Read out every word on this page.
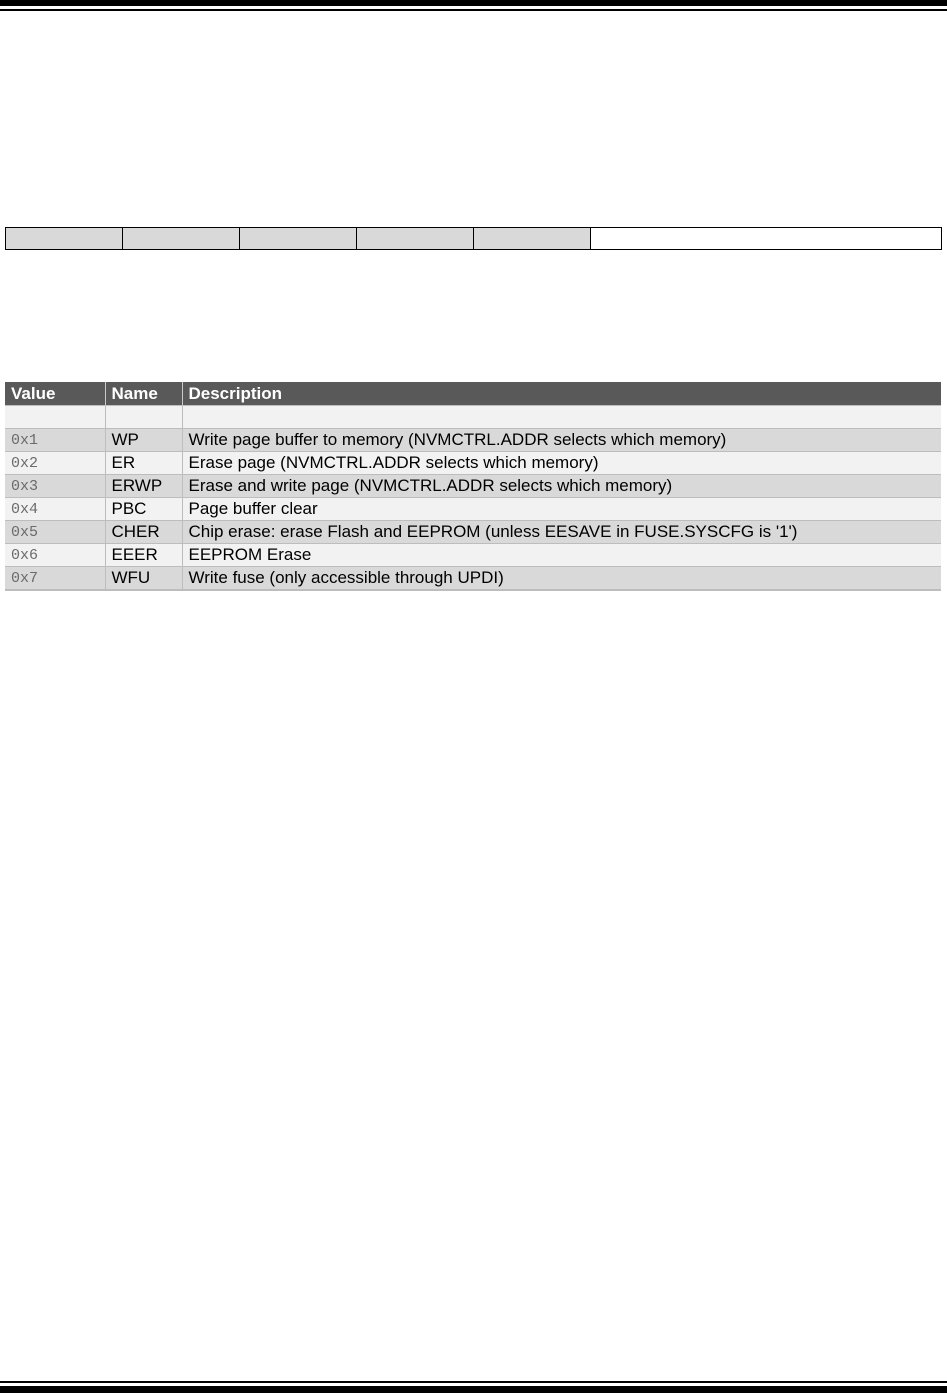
Value	Name	Description

0x1	WP	Write page buffer to memory (NVMCTRL.ADDR selects which memory)
0x2	ER	Erase page (NVMCTRL.ADDR selects which memory)
0x3	ERWP	Erase and write page (NVMCTRL.ADDR selects which memory)
0x4	PBC	Page buffer clear
0x5	CHER	Chip erase: erase Flash and EEPROM (unless EESAVE in FUSE.SYSCFG is '1')
0x6	EEER	EEPROM Erase
0x7	WFU	Write fuse (only accessible through UPDI)
